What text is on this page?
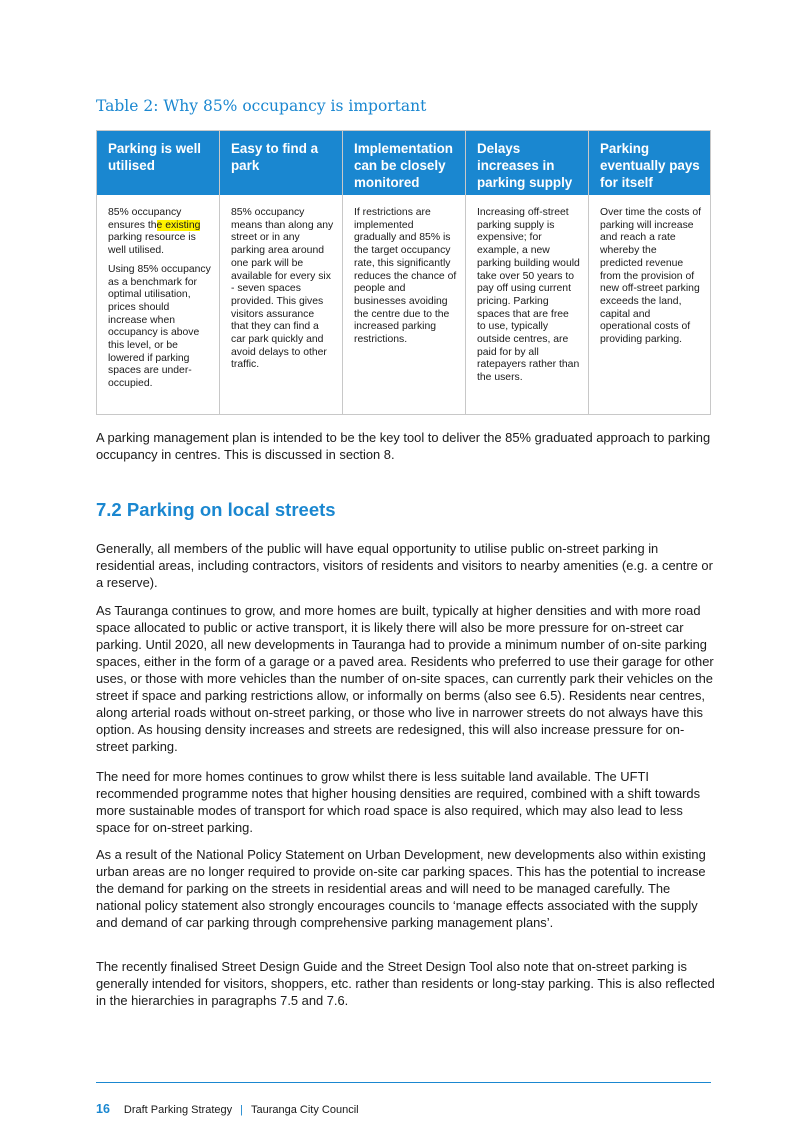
Table 2: Why 85% occupancy is important
Parking is well utilised

85% occupancy ensures the existing parking resource is well utilised.

Using 85% occupancy as a benchmark for optimal utilisation, prices should increase when occupancy is above this level, or be lowered if parking spaces are under-occupied.

Easy to find a park

85% occupancy means than along any street or in any parking area around one park will be available for every six - seven spaces provided. This gives visitors assurance that they can find a car park quickly and avoid delays to other traffic.

Implementation can be closely monitored

If restrictions are implemented gradually and 85% is the target occupancy rate, this significantly reduces the chance of people and businesses avoiding the centre due to the increased parking restrictions.

Delays increases in parking supply

Increasing off-street parking supply is expensive; for example, a new parking building would take over 50 years to pay off using current pricing. Parking spaces that are free to use, typically outside centres, are paid for by all ratepayers rather than the users.

Parking eventually pays for itself

Over time the costs of parking will increase and reach a rate whereby the predicted revenue from the provision of new off-street parking exceeds the land, capital and operational costs of providing parking.

A parking management plan is intended to be the key tool to deliver the 85% graduated approach to parking occupancy in centres. This is discussed in section 8.

7.2 Parking on local streets

Generally, all members of the public will have equal opportunity to utilise public on-street parking in residential areas, including contractors, visitors of residents and visitors to nearby amenities (e.g. a centre or a reserve).

As Tauranga continues to grow, and more homes are built, typically at higher densities and with more road space allocated to public or active transport, it is likely there will also be more pressure for on-street car parking. Until 2020, all new developments in Tauranga had to provide a minimum number of on-site parking spaces, either in the form of a garage or a paved area. Residents who preferred to use their garage for other uses, or those with more vehicles than the number of on-site spaces, can currently park their vehicles on the street if space and parking restrictions allow, or informally on berms (also see 6.5). Residents near centres, along arterial roads without on-street parking, or those who live in narrower streets do not always have this option. As housing density increases and streets are redesigned, this will also increase pressure for on-street parking.

The need for more homes continues to grow whilst there is less suitable land available. The UFTI recommended programme notes that higher housing densities are required, combined with a shift towards more sustainable modes of transport for which road space is also required, which may also lead to less space for on-street parking.

As a result of the National Policy Statement on Urban Development, new developments also within existing urban areas are no longer required to provide on-site car parking spaces. This has the potential to increase the demand for parking on the streets in residential areas and will need to be managed carefully. The national policy statement also strongly encourages councils to ‘manage effects associated with the supply and demand of car parking through comprehensive parking management plans’.

The recently finalised Street Design Guide and the Street Design Tool also note that on-street parking is generally intended for visitors, shoppers, etc. rather than residents or long-stay parking. This is also reflected in the hierarchies in paragraphs 7.5 and 7.6.

16 Draft Parking Strategy | Tauranga City Council
